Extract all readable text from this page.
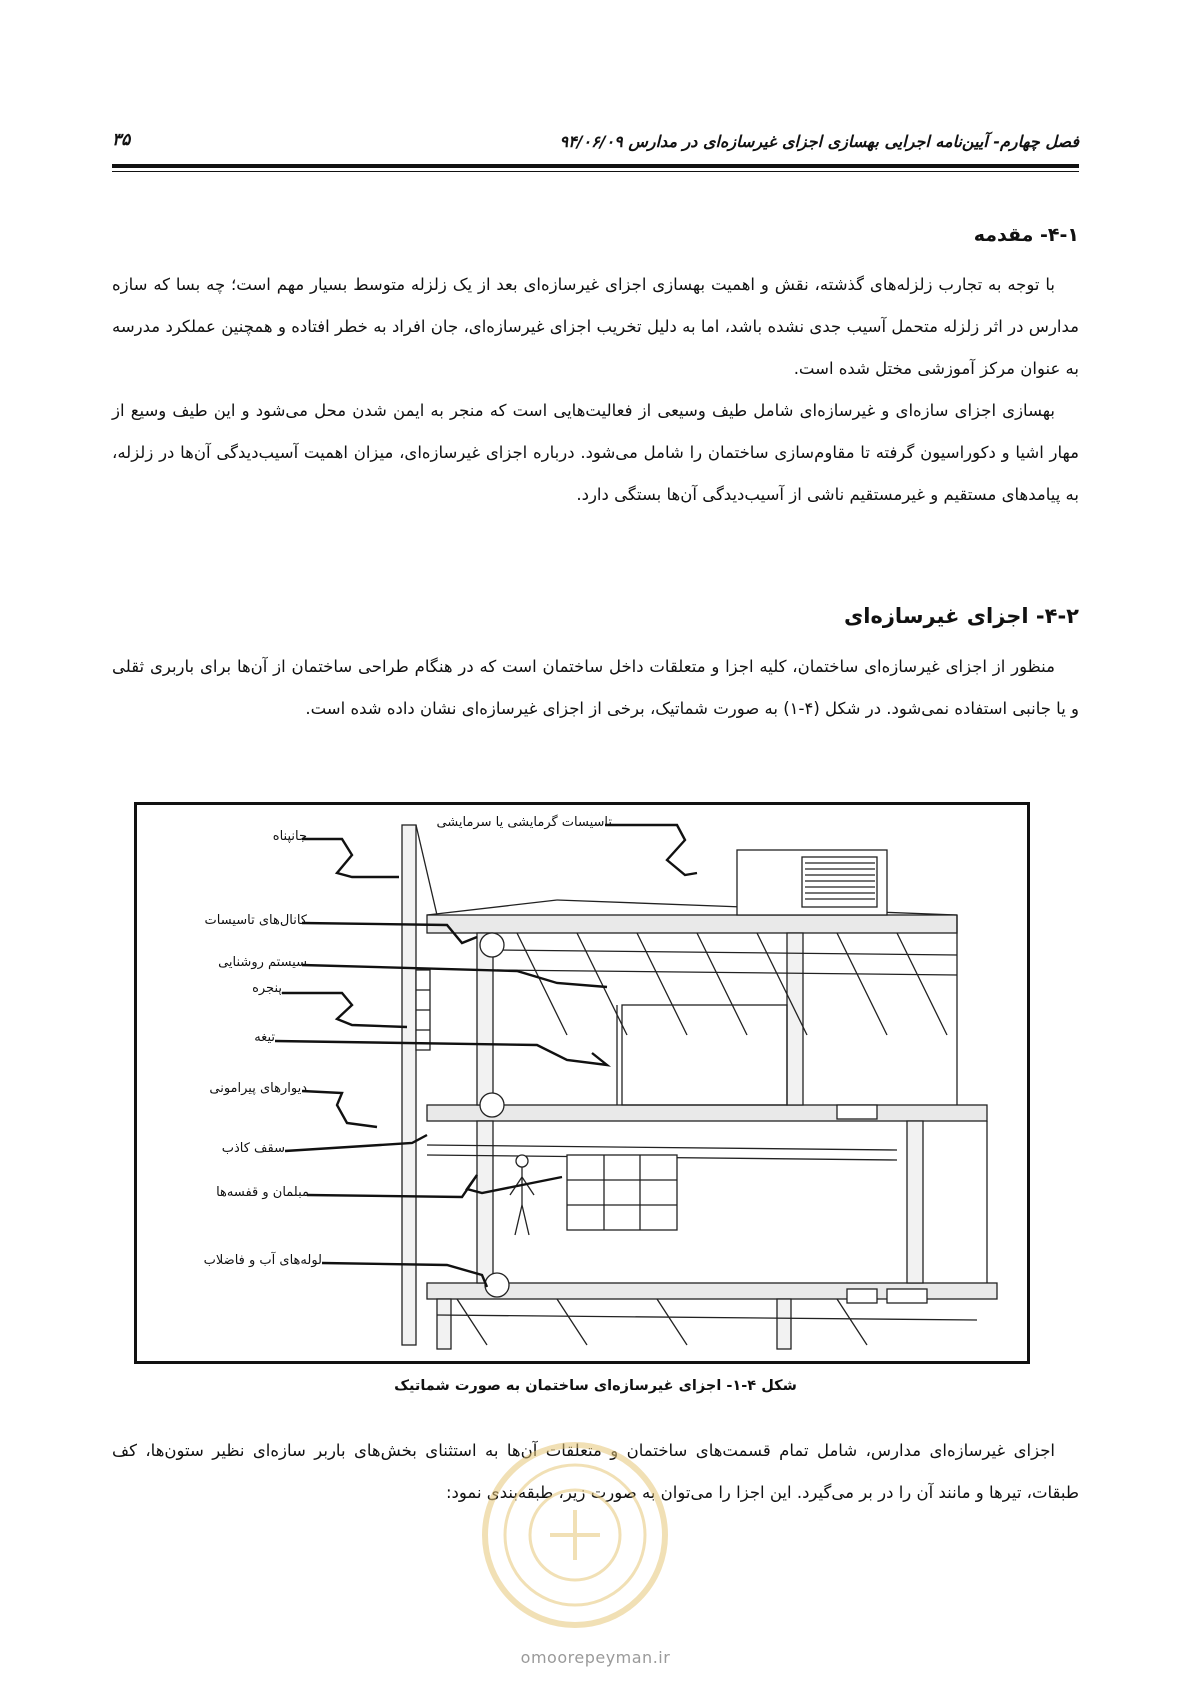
فصل چهارم- آیین‌نامه اجرایی بهسازی اجزای غیرسازه‌ای در مدارس ۹۴/۰۶/۰۹
۳۵
۴-۱- مقدمه

با توجه به تجارب زلزله‌های گذشته، نقش و اهمیت بهسازی اجزای غیرسازه‌ای بعد از یک زلزله متوسط بسیار مهم است؛ چه بسا که سازه مدارس در اثر زلزله متحمل آسیب جدی نشده باشد، اما به دلیل تخریب اجزای غیرسازه‌ای، جان افراد به خطر افتاده و همچنین عملکرد مدرسه به عنوان مرکز آموزشی مختل شده است.

بهسازی اجزای سازه‌ای و غیرسازه‌ای شامل طیف وسیعی از فعالیت‌هایی است که منجر به ایمن شدن محل می‌شود و این طیف وسیع از مهار اشیا و دکوراسیون گرفته تا مقاوم‌سازی ساختمان را شامل می‌شود. درباره اجزای غیرسازه‌ای، میزان اهمیت آسیب‌دیدگی آن‌ها در زلزله، به پیامدهای مستقیم و غیرمستقیم ناشی از آسیب‌دیدگی آن‌ها بستگی دارد.

۴-۲- اجزای غیرسازه‌ای

منظور از اجزای غیرسازه‌ای ساختمان، کلیه اجزا و متعلقات داخل ساختمان است که در هنگام طراحی ساختمان از آن‌ها برای باربری ثقلی و یا جانبی استفاده نمی‌شود. در شکل (۴-۱) به صورت شماتیک، برخی از اجزای غیرسازه‌ای نشان داده شده است.

جانپناه
تاسیسات گرمایشی یا سرمایشی
کانال‌های تاسیسات
سیستم روشنایی
پنجره
تیغه
دیوارهای پیرامونی
سقف کاذب
مبلمان و قفسه‌ها
لوله‌های آب و فاضلاب
شکل ۴-۱- اجزای غیرسازه‌ای ساختمان به صورت شماتیک

اجزای غیرسازه‌ای مدارس، شامل تمام قسمت‌های ساختمان و متعلقات آن‌ها به استثنای بخش‌های باربر سازه‌ای نظیر ستون‌ها، کف طبقات، تیرها و مانند آن را در بر می‌گیرد. این اجزا را می‌توان به صورت زیر، طبقه‌بندی نمود:

omoorepeyman.ir
